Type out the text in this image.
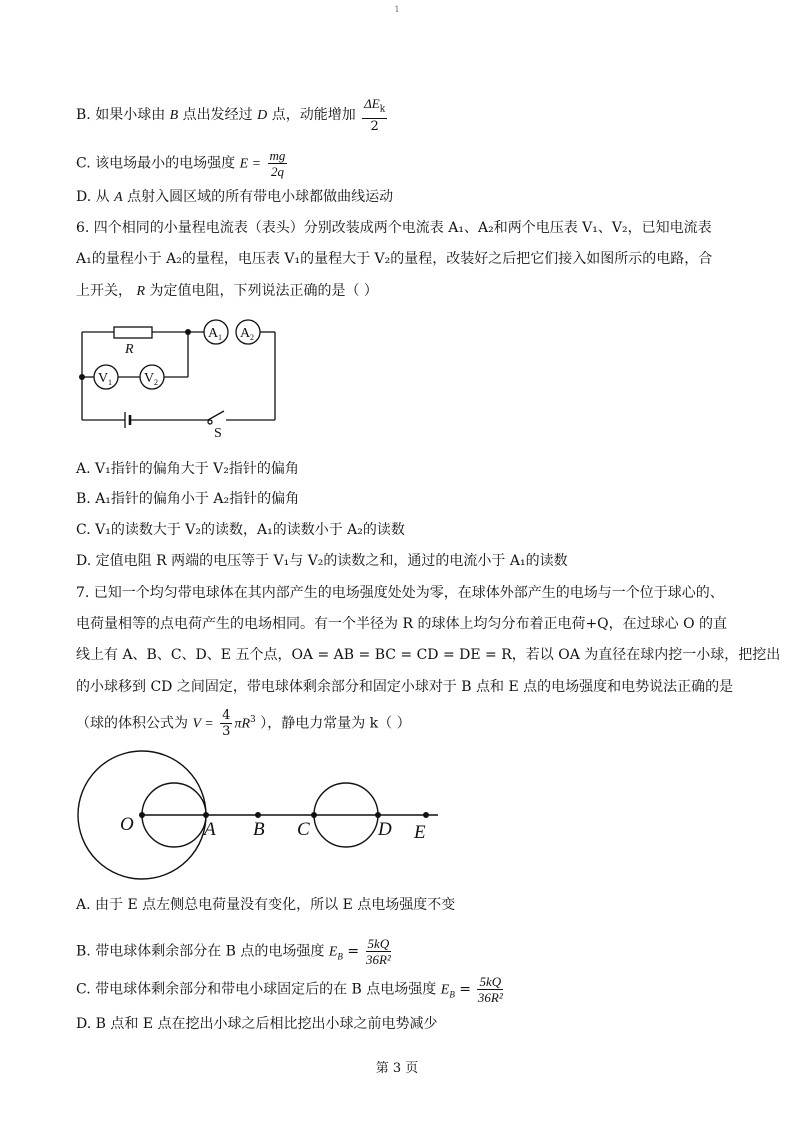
1
B. 如果小球由 B 点出发经过 D 点，动能增加 $\frac{\Delta E_k}{2}$
C. 该电场最小的电场强度 $E = \frac{mg}{2q}$
D. 从 A 点射入圆区域的所有带电小球都做曲线运动
6. 四个相同的小量程电流表（表头）分别改装成两个电流表 A₁、A₂和两个电压表 V₁、V₂，已知电流表
A₁的量程小于 A₂的量程，电压表 V₁的量程大于 V₂的量程，改装好之后把它们接入如图所示的电路，合
上开关， R 为定值电阻，下列说法正确的是（ ）
R
A 1 A 2
V 1 V 2
S
A. V₁指针的偏角大于 V₂指针的偏角
B. A₁指针的偏角小于 A₂指针的偏角
C. V₁的读数大于 V₂的读数，A₁的读数小于 A₂的读数
D. 定值电阻 R 两端的电压等于 V₁与 V₂的读数之和，通过的电流小于 A₁的读数
7. 已知一个均匀带电球体在其内部产生的电场强度处处为零，在球体外部产生的电场与一个位于球心的、
电荷量相等的点电荷产生的电场相同。有一个半径为 R 的球体上均匀分布着正电荷+Q，在过球心 O 的直
线上有 A、B、C、D、E 五个点，OA = AB = BC = CD = DE = R，若以 OA 为直径在球内挖一小球，把挖出
的小球移到 CD 之间固定，带电球体剩余部分和固定小球对于 B 点和 E 点的电场强度和电势说法正确的是
（球的体积公式为 $V = \frac{4}{3} \pi R^3$ ），静电力常量为 k（ ）
O	A B C	D E
A. 由于 E 点左侧总电荷量没有变化，所以 E 点电场强度不变
B. 带电球体剩余部分在 B 点的电场强度 $E_B = \frac{5kQ}{\text{36R²}}$
C. 带电球体剩余部分和带电小球固定后的在 B 点电场强度 $E_B = \frac{5kQ}{\text{36R²}}$
D. B 点和 E 点在挖出小球之后相比挖出小球之前电势减少
第 3 页
